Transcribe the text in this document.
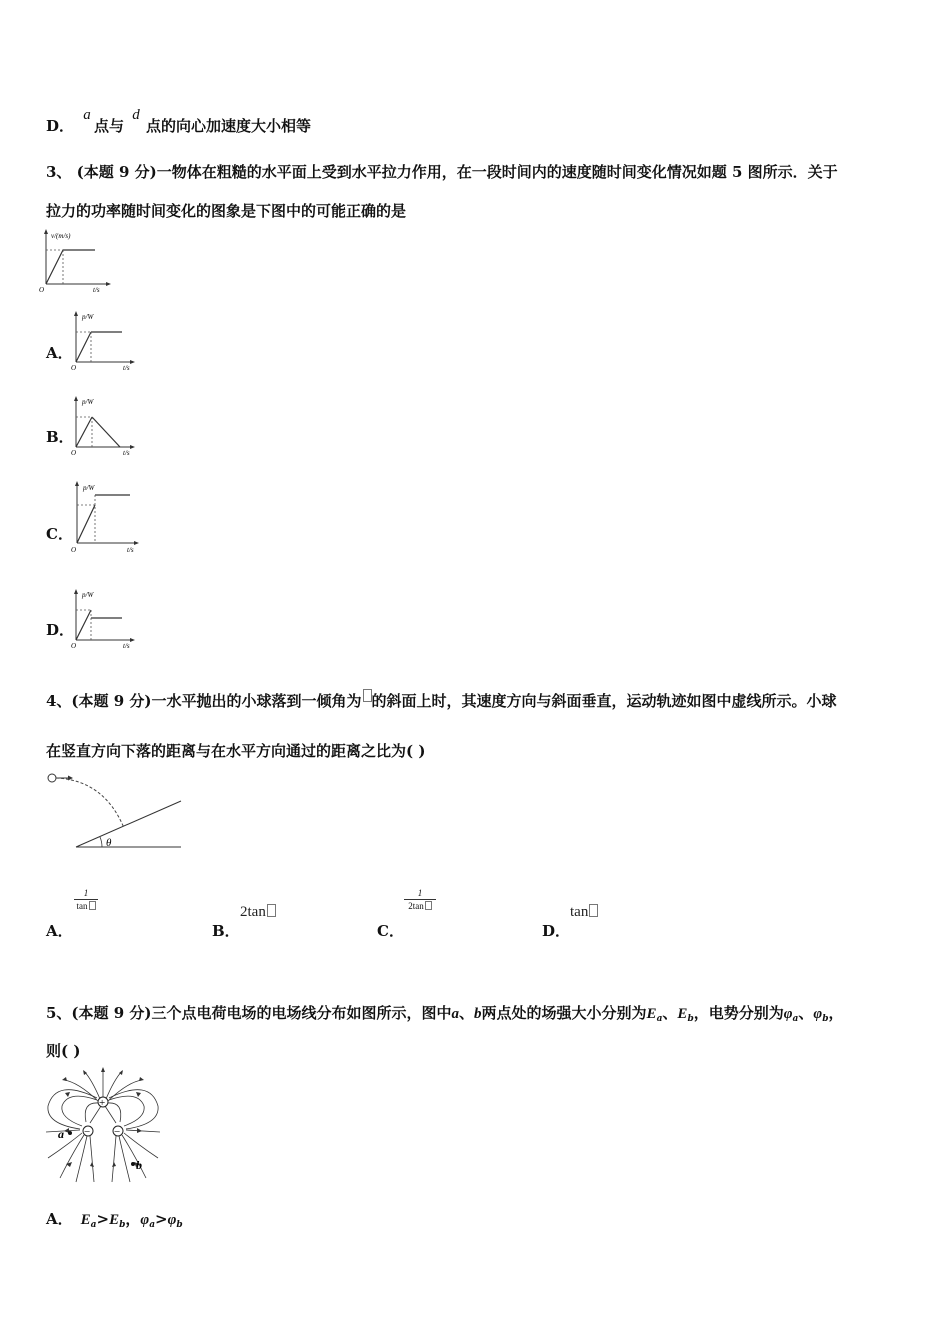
D． a 点与 d 点的向心加速度大小相等
3、 (本题 9 分)一物体在粗糙的水平面上受到水平拉力作用，在一段时间内的速度随时间变化情况如题 5 图所示．关于
拉力的功率随时间变化的图象是下图中的可能正确的是
v/(m/s)
O	t/s
A．
p/W
O	t/s
B．
p/W
O	t/s
C．
p/W
O	t/s
D．
p/W
O	t/s
4、(本题 9 分)一水平抛出的小球落到一倾角为 的斜面上时，其速度方向与斜面垂直，运动轨迹如图中虚线所示。小球
在竖直方向下落的距离与在水平方向通过的距离之比为( )
θ
A．
1
tan
B．
2tan
C．
1
2tan
D．
tan
5、(本题 9 分)三个点电荷电场的电场线分布如图所示，图中a、b两点处的场强大小分别为$E_a$、$E_b$，电势分别为$\varphi_a$、$\varphi_b$，
则( )
+
− −
a
b
A． $E_a>E_b$，$\varphi_a>\varphi_b$
